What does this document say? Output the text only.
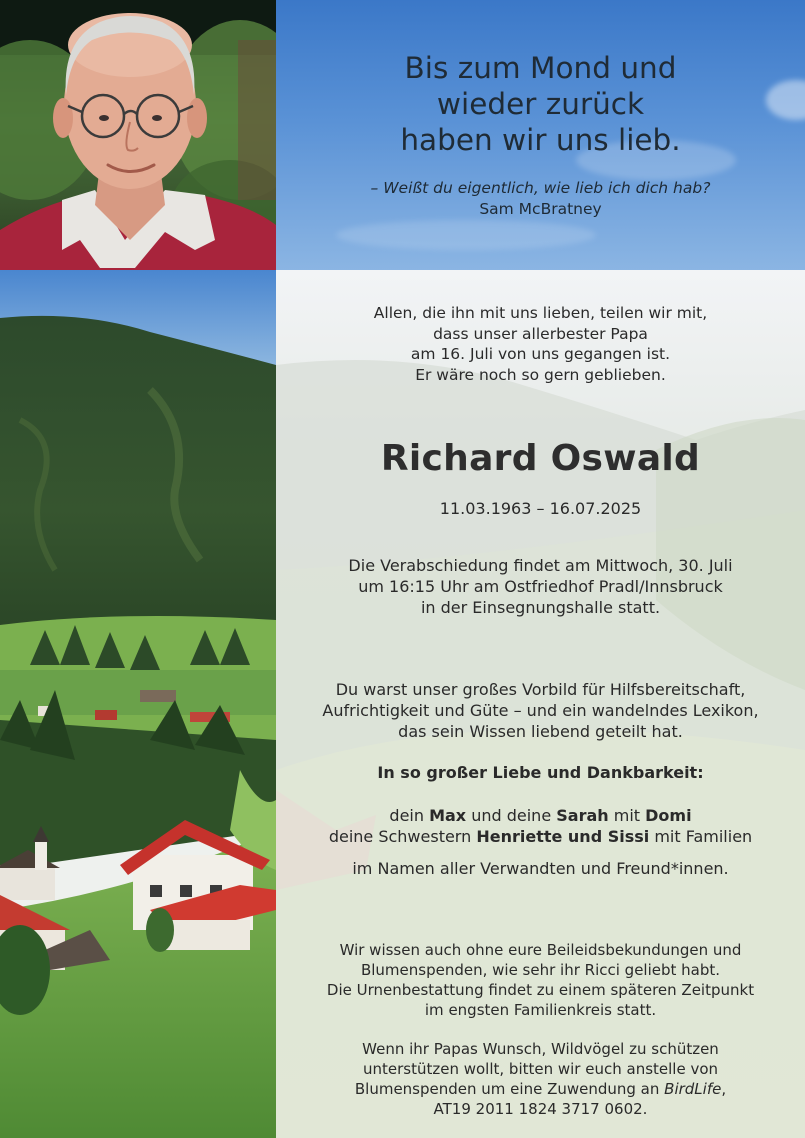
Bis zum Mond und
wieder zurück
haben wir uns lieb.
– Weißt du eigentlich, wie lieb ich dich hab?
Sam McBratney
Allen, die ihn mit uns lieben, teilen wir mit,
dass unser allerbester Papa
am 16. Juli von uns gegangen ist.
Er wäre noch so gern geblieben.
Richard Oswald
11.03.1963 – 16.07.2025
Die Verabschiedung findet am Mittwoch, 30. Juli
um 16:15 Uhr am Ostfriedhof Pradl/Innsbruck
in der Einsegnungshalle statt.
Du warst unser großes Vorbild für Hilfsbereitschaft,
Aufrichtigkeit und Güte – und ein wandelndes Lexikon,
das sein Wissen liebend geteilt hat.
In so großer Liebe und Dankbarkeit:
dein Max und deine Sarah mit Domi
deine Schwestern Henriette und Sissi mit Familien
im Namen aller Verwandten und Freund*innen.
Wir wissen auch ohne eure Beileidsbekundungen und
Blumenspenden, wie sehr ihr Ricci geliebt habt.
Die Urnenbestattung findet zu einem späteren Zeitpunkt
im engsten Familienkreis statt.
Wenn ihr Papas Wunsch, Wildvögel zu schützen
unterstützen wollt, bitten wir euch anstelle von
Blumenspenden um eine Zuwendung an BirdLife,
AT19 2011 1824 3717 0602.
